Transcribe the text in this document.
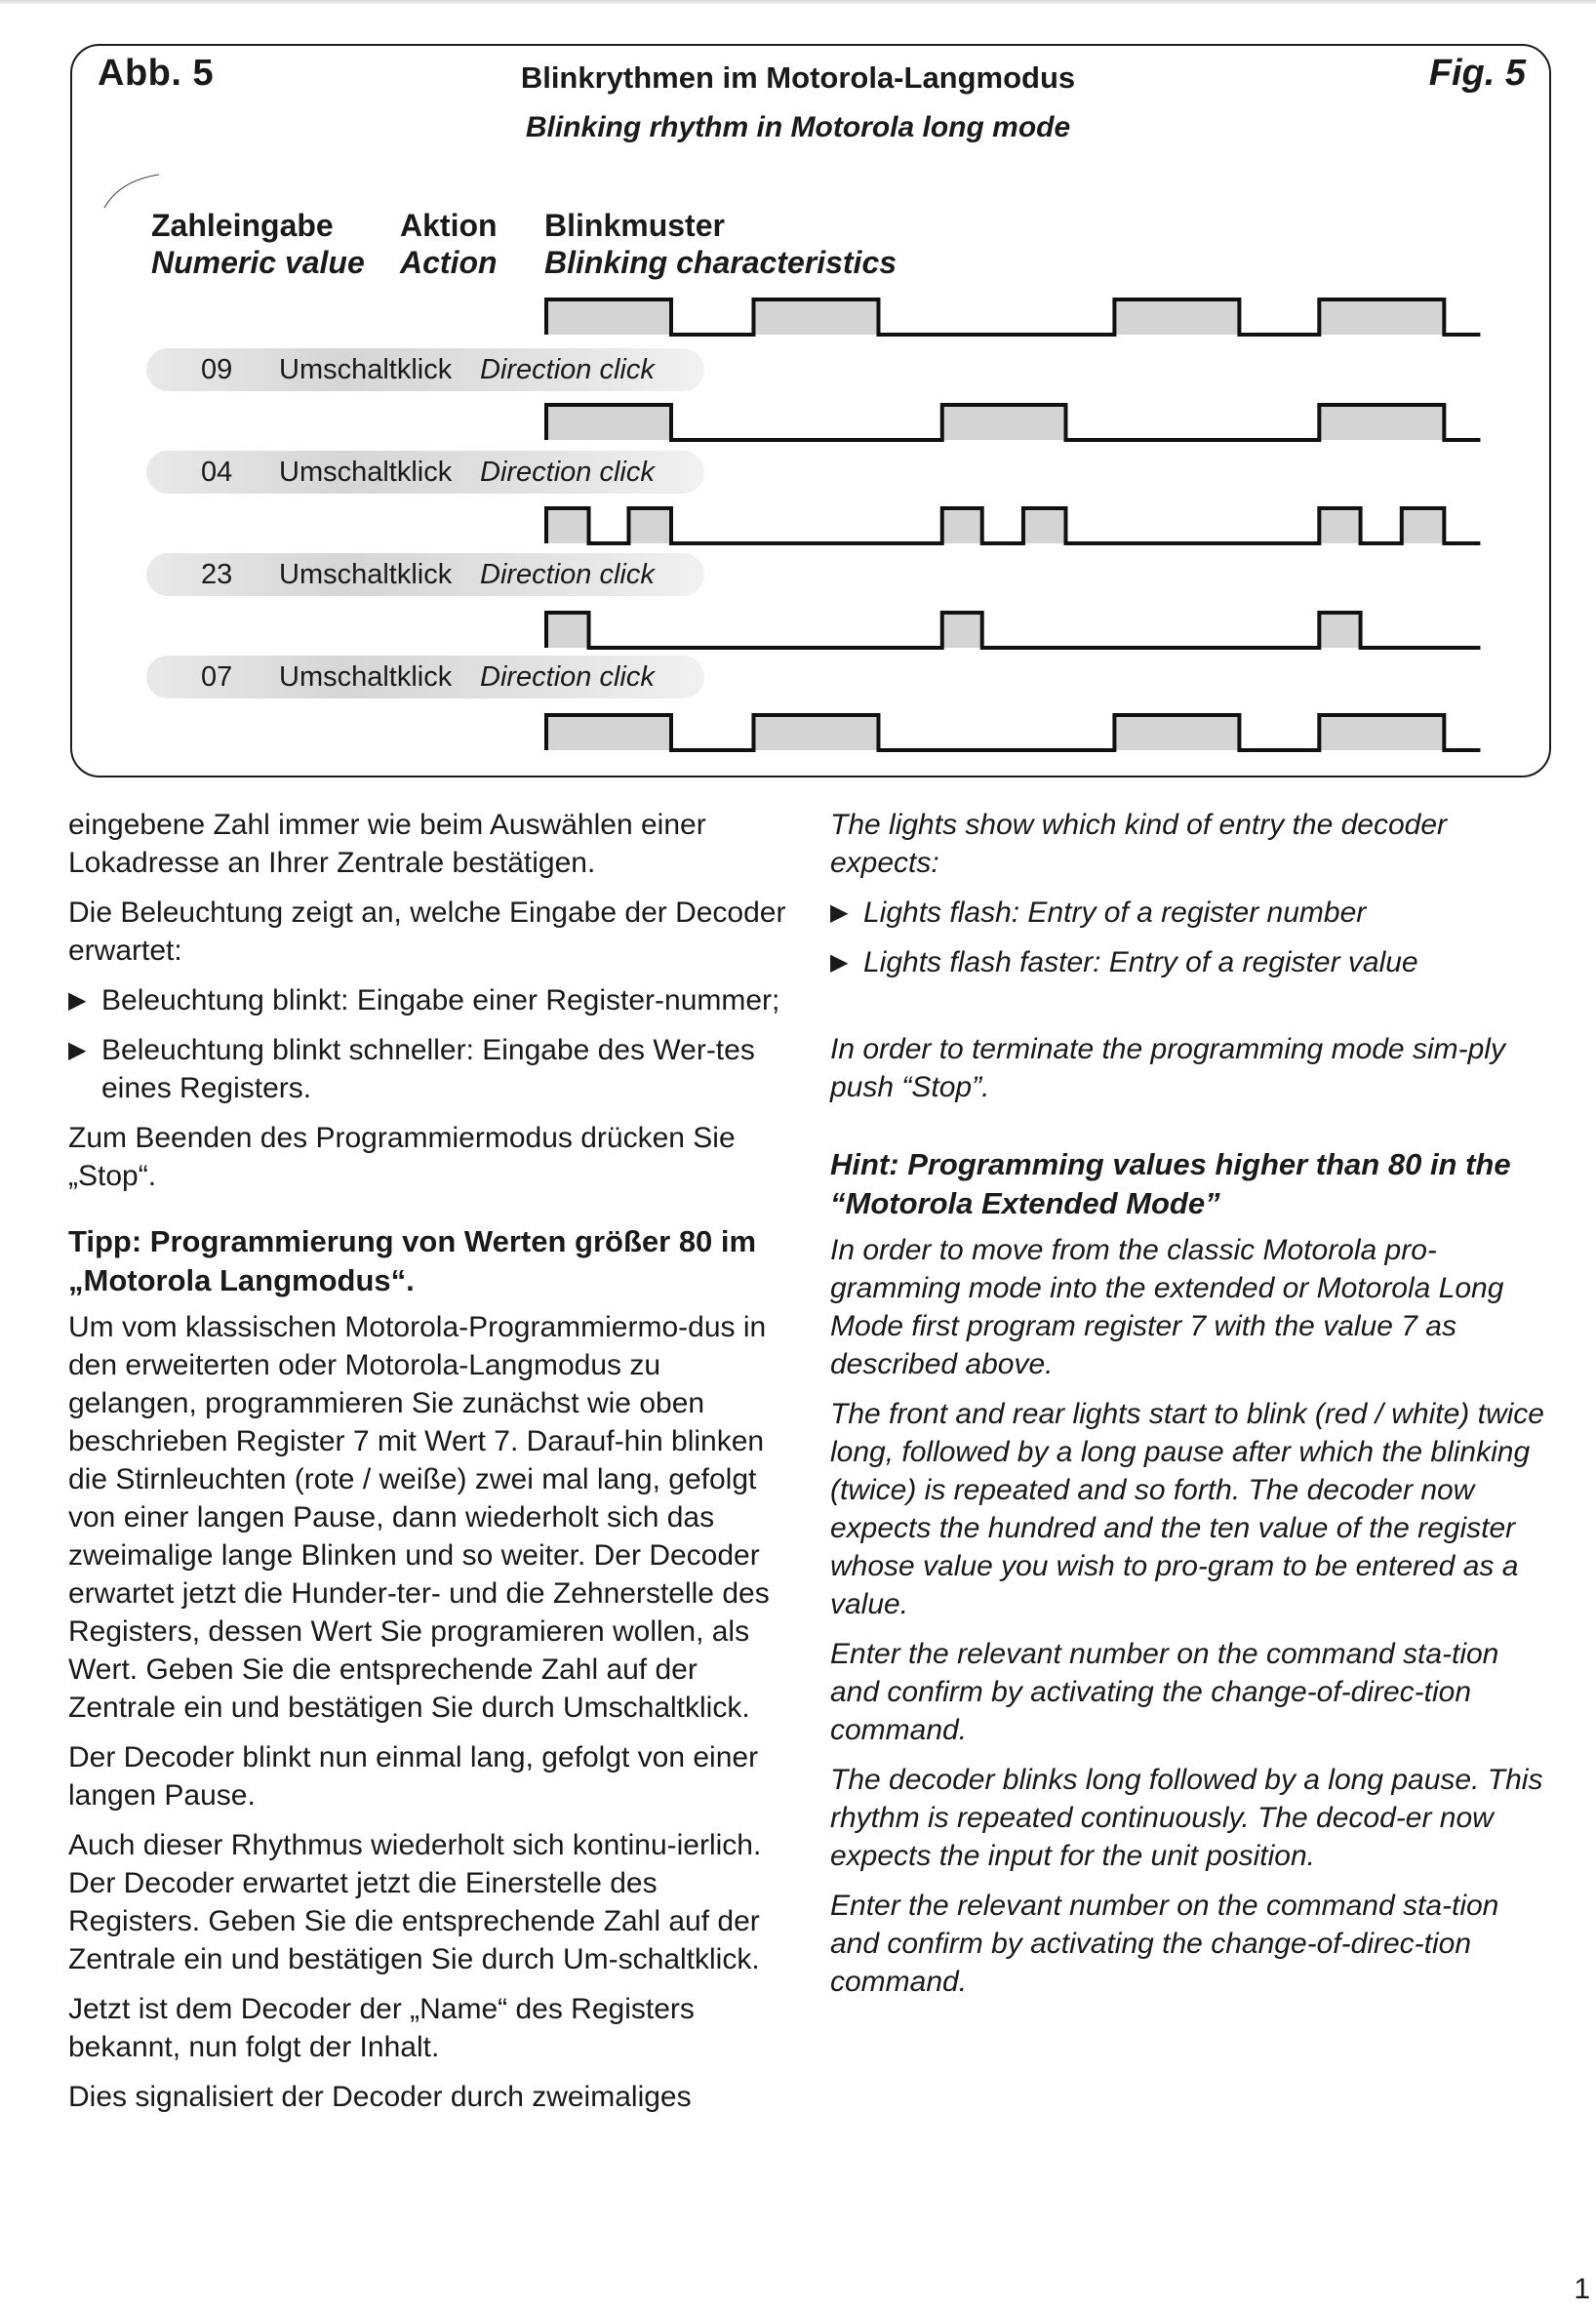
Abb. 5	Fig. 5
Blinkrythmen im Motorola-Langmodus
Blinking rhythm in Motorola long mode
Zahleingabe
Numeric value
Aktion
Action
Blinkmuster
Blinking characteristics
09 Umschaltklick Direction click
04 Umschaltklick Direction click
23 Umschaltklick Direction click
07 Umschaltklick Direction click

eingebene Zahl immer wie beim Auswählen einer Lokadresse an Ihrer Zentrale bestätigen.

Die Beleuchtung zeigt an, welche Eingabe der Decoder erwartet:

▶ Beleuchtung blinkt: Eingabe einer Register-nummer;
▶ Beleuchtung blinkt schneller: Eingabe des Wer-tes eines Registers.

Zum Beenden des Programmiermodus drücken Sie „Stop“.

Tipp: Programmierung von Werten größer 80 im „Motorola Langmodus“.

Um vom klassischen Motorola-Programmiermo-dus in den erweiterten oder Motorola-Langmodus zu gelangen, programmieren Sie zunächst wie oben beschrieben Register 7 mit Wert 7. Darauf-hin blinken die Stirnleuchten (rote / weiße) zwei mal lang, gefolgt von einer langen Pause, dann wiederholt sich das zweimalige lange Blinken und so weiter. Der Decoder erwartet jetzt die Hunder-ter- und die Zehnerstelle des Registers, dessen Wert Sie programieren wollen, als Wert. Geben Sie die entsprechende Zahl auf der Zentrale ein und bestätigen Sie durch Umschaltklick.

Der Decoder blinkt nun einmal lang, gefolgt von einer langen Pause.

Auch dieser Rhythmus wiederholt sich kontinu-ierlich. Der Decoder erwartet jetzt die Einerstelle des Registers. Geben Sie die entsprechende Zahl auf der Zentrale ein und bestätigen Sie durch Um-schaltklick.

Jetzt ist dem Decoder der „Name“ des Registers bekannt, nun folgt der Inhalt.

Dies signalisiert der Decoder durch zweimaliges

The lights show which kind of entry the decoder expects:

▶ Lights flash: Entry of a register number
▶ Lights flash faster: Entry of a register value

In order to terminate the programming mode sim-ply push “Stop”.

Hint: Programming values higher than 80 in the “Motorola Extended Mode”

In order to move from the classic Motorola pro-gramming mode into the extended or Motorola Long Mode first program register 7 with the value 7 as described above.

The front and rear lights start to blink (red / white) twice long, followed by a long pause after which the blinking (twice) is repeated and so forth. The decoder now expects the hundred and the ten value of the register whose value you wish to pro-gram to be entered as a value.

Enter the relevant number on the command sta-tion and confirm by activating the change-of-direc-tion command.

The decoder blinks long followed by a long pause. This rhythm is repeated continuously. The decod-er now expects the input for the unit position.

Enter the relevant number on the command sta-tion and confirm by activating the change-of-direc-tion command.

1
